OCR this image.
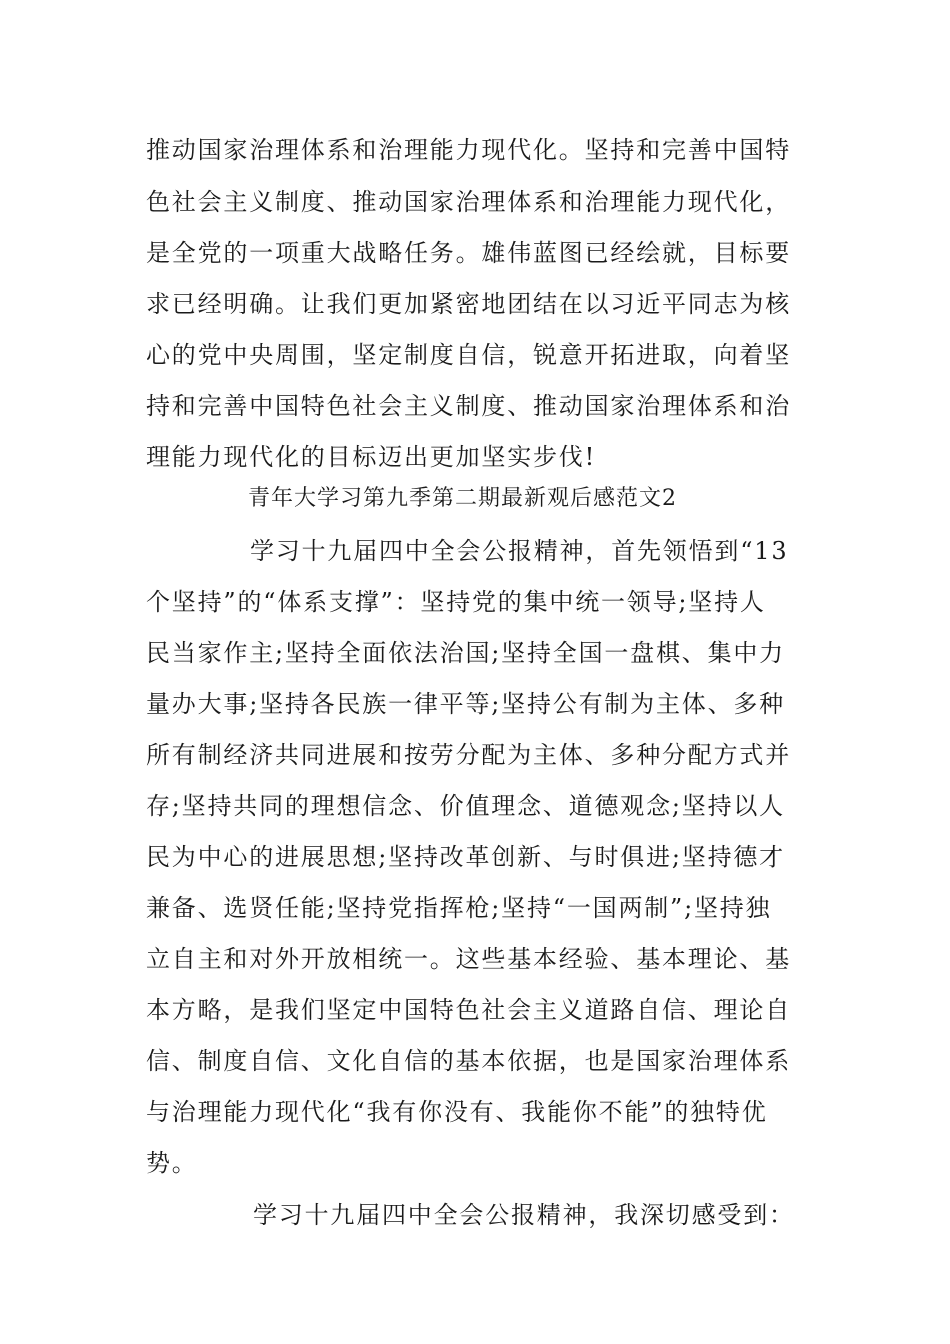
推动国家治理体系和治理能力现代化。坚持和完善中国特

色社会主义制度、推动国家治理体系和治理能力现代化，

是全党的一项重大战略任务。雄伟蓝图已经绘就，目标要

求已经明确。让我们更加紧密地团结在以习近平同志为核

心的党中央周围，坚定制度自信，锐意开拓进取，向着坚

持和完善中国特色社会主义制度、推动国家治理体系和治

理能力现代化的目标迈出更加坚实步伐!

青年大学习第九季第二期最新观后感范文2

学习十九届四中全会公报精神，首先领悟到“13

个坚持”的“体系支撑”：坚持党的集中统一领导;坚持人

民当家作主;坚持全面依法治国;坚持全国一盘棋、集中力

量办大事;坚持各民族一律平等;坚持公有制为主体、多种

所有制经济共同进展和按劳分配为主体、多种分配方式并

存;坚持共同的理想信念、价值理念、道德观念;坚持以人

民为中心的进展思想;坚持改革创新、与时俱进;坚持德才

兼备、选贤任能;坚持党指挥枪;坚持“一国两制”;坚持独

立自主和对外开放相统一。这些基本经验、基本理论、基

本方略，是我们坚定中国特色社会主义道路自信、理论自

信、制度自信、文化自信的基本依据，也是国家治理体系

与治理能力现代化“我有你没有、我能你不能”的独特优

势。

学习十九届四中全会公报精神，我深切感受到：
